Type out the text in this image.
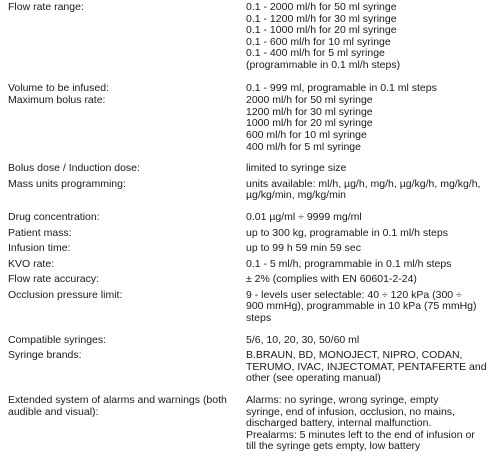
Flow rate range:	0.1 - 2000 ml/h for 50 ml syringe
0.1 - 1200 ml/h for 30 ml syringe
0.1 - 1000 ml/h for 20 ml syringe
0.1 - 600 ml/h for 10 ml syringe
0.1 - 400 ml/h for 5 ml syringe
(programmable in 0.1 ml/h steps)
Volume to be infused:	0.1 - 999 ml, programable in 0.1 ml steps
Maximum bolus rate:	2000 ml/h for 50 ml syringe
1200 ml/h for 30 ml syringe
1000 ml/h for 20 ml syringe
600 ml/h for 10 ml syringe
400 ml/h for 5 ml syringe
Bolus dose / Induction dose:	limited to syringe size
Mass units programming:	units available: ml/h, µg/h, mg/h, µg/kg/h, mg/kg/h,
µg/kg/min, mg/kg/min
Drug concentration:	0.01 µg/ml ÷ 9999 mg/ml
Patient mass:	up to 300 kg, programable in 0.1 ml/h steps
Infusion time:	up to 99 h 59 min 59 sec
KVO rate:	0.1 - 5 ml/h, programmable in 0.1 ml/h steps
Flow rate accuracy:	± 2% (complies with EN 60601-2-24)
Occlusion pressure limit:	9 - levels user selectable: 40 ÷ 120 kPa (300 ÷
900 mmHg), programmable in 10 kPa (75 mmHg)
steps
Compatible syringes:	5/6, 10, 20, 30, 50/60 ml
Syringe brands:	B.BRAUN, BD, MONOJECT, NIPRO, CODAN,
TERUMO, IVAC, INJECTOMAT, PENTAFERTE and
other (see operating manual)
Extended system of alarms and warnings (both audible and visual):
Alarms: no syringe, wrong syringe, empty
syringe, end of infusion, occlusion, no mains,
discharged battery, internal malfunction.
Prealarms: 5 minutes left to the end of infusion or
till the syringe gets empty, low battery
